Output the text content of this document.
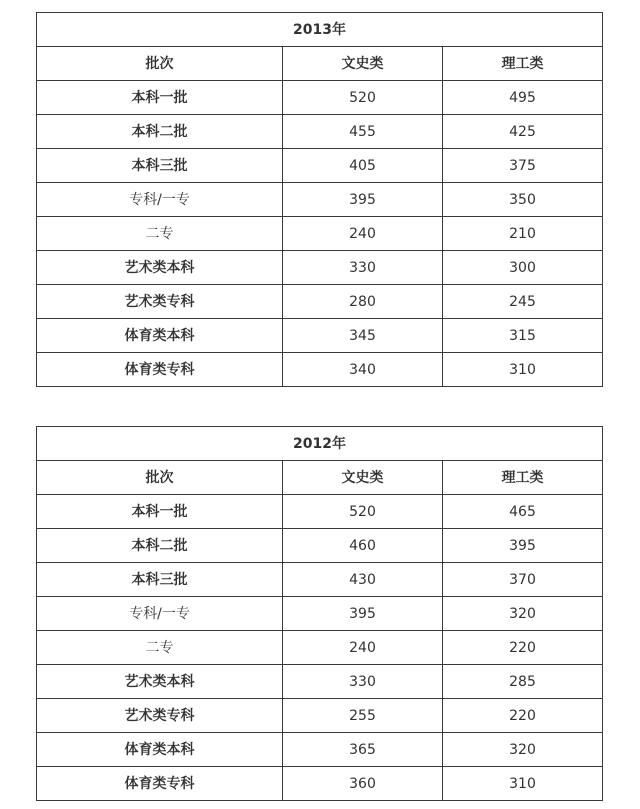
2013年		
批次	文史类	理工类
本科一批	520	495
本科二批	455	425
本科三批	405	375
专科/一专	395	350
二专	240	210
艺术类本科	330	300
艺术类专科	280	245
体育类本科	345	315
体育类专科	340	310
2012年		
批次	文史类	理工类
本科一批	520	465
本科二批	460	395
本科三批	430	370
专科/一专	395	320
二专	240	220
艺术类本科	330	285
艺术类专科	255	220
体育类本科	365	320
体育类专科	360	310
